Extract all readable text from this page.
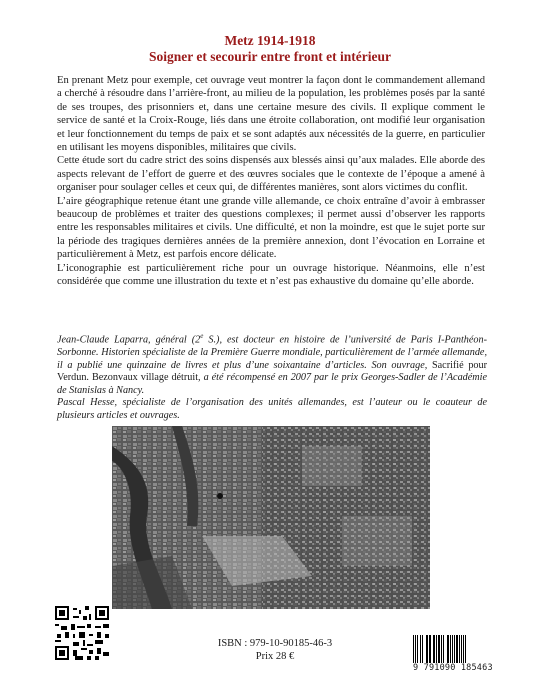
Metz 1914-1918
Soigner et secourir entre front et intérieur

En prenant Metz pour exemple, cet ouvrage veut montrer la façon dont le commandement allemand a cherché à résoudre dans l’arrière-front, au milieu de la population, les problèmes posés par la santé de ses troupes, des prisonniers et, dans une certaine mesure des civils. Il explique comment le service de santé et la Croix-Rouge, liés dans une étroite collaboration, ont modifié leur organisation et leur fonctionnement du temps de paix et se sont adaptés aux nécessités de la guerre, en particulier en utilisant les moyens disponibles, militaires que civils.

Cette étude sort du cadre strict des soins dispensés aux blessés ainsi qu’aux malades. Elle aborde des aspects relevant de l’effort de guerre et des œuvres sociales que le contexte de l’époque a amené à organiser pour soulager celles et ceux qui, de différentes manières, sont alors victimes du conflit.

L’aire géographique retenue étant une grande ville allemande, ce choix entraîne d’avoir à embrasser beaucoup de problèmes et traiter des questions complexes; il permet aussi d’observer les rapports entre les responsables militaires et civils. Une difficulté, et non la moindre, est que le sujet porte sur la période des tragiques dernières années de la première annexion, dont l’évocation en Lorraine et particulièrement à Metz, est parfois encore délicate.

L’iconographie est particulièrement riche pour un ouvrage historique. Néanmoins, elle n’est considérée que comme une illustration du texte et n’est pas exhaustive du domaine qu’elle aborde.

Jean-Claude Laparra, général (2e S.), est docteur en histoire de l’université de Paris I-Panthéon-Sorbonne. Historien spécialiste de la Première Guerre mondiale, particulièrement de l’armée allemande, il a publié une quinzaine de livres et plus d’une soixantaine d’articles. Son ouvrage, Sacrifié pour Verdun. Bezonvaux village détruit, a été récompensé en 2007 par le prix Georges-Sadler de l’Académie de Stanislas à Nancy.

Pascal Hesse, spécialiste de l’organisation des unités allemandes, est l’auteur ou le coauteur de plusieurs articles et ouvrages.

ISBN : 979-10-90185-46-3
Prix 28 €
9 791090 185463
